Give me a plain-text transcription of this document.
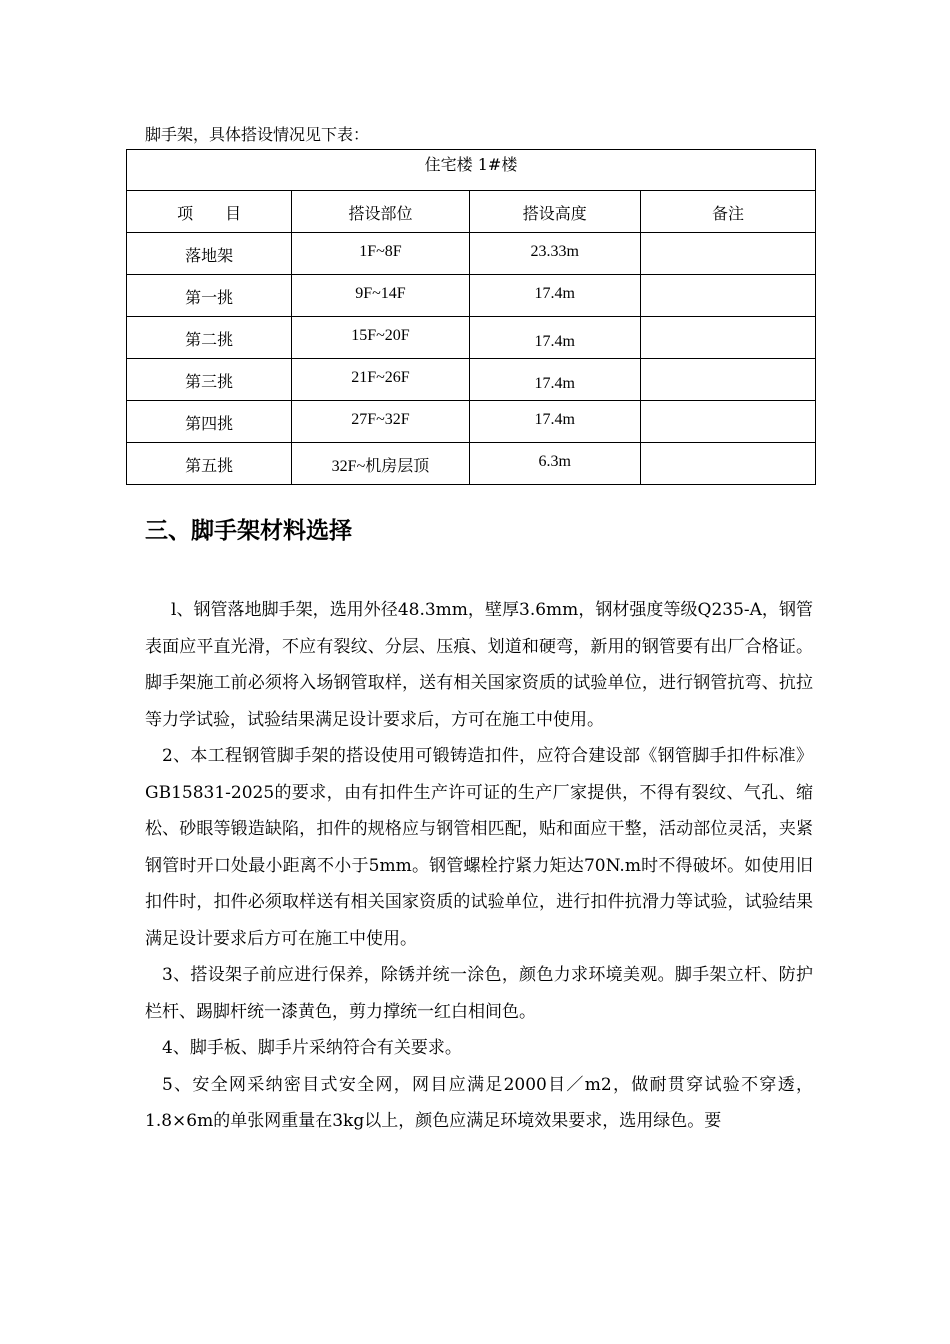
脚手架，具体搭设情况见下表：
住宅楼 1#楼			

项　　目	搭设部位	搭设高度	备注

落地架	1F~8F	23.33m	

第一挑	9F~14F	17.4m	

第二挑	15F~20F	17.4m	

第三挑	21F~26F	17.4m	

第四挑	27F~32F	17.4m	

第五挑	32F~机房层顶	6.3m	

三、脚手架材料选择

l、钢管落地脚手架，选用外径48.3mm，壁厚3.6mm，钢材强度等级Q235-A，钢管表面应平直光滑，不应有裂纹、分层、压痕、划道和硬弯，新用的钢管要有出厂合格证。脚手架施工前必须将入场钢管取样，送有相关国家资质的试验单位，进行钢管抗弯、抗拉等力学试验，试验结果满足设计要求后，方可在施工中使用。

2、本工程钢管脚手架的搭设使用可锻铸造扣件，应符合建设部《钢管脚手扣件标准》GB15831-2025的要求，由有扣件生产许可证的生产厂家提供，不得有裂纹、气孔、缩松、砂眼等锻造缺陷，扣件的规格应与钢管相匹配，贴和面应干整，活动部位灵活，夹紧钢管时开口处最小距离不小于5mm。钢管螺栓拧紧力矩达70N.m时不得破坏。如使用旧扣件时，扣件必须取样送有相关国家资质的试验单位，进行扣件抗滑力等试验，试验结果满足设计要求后方可在施工中使用。

3、搭设架子前应进行保养，除锈并统一涂色，颜色力求环境美观。脚手架立杆、防护栏杆、踢脚杆统一漆黄色，剪力撑统一红白相间色。

4、脚手板、脚手片采纳符合有关要求。

5、安全网采纳密目式安全网，网目应满足2000目／m2，做耐贯穿试验不穿透，1.8×6m的单张网重量在3kg以上，颜色应满足环境效果要求，选用绿色。要
